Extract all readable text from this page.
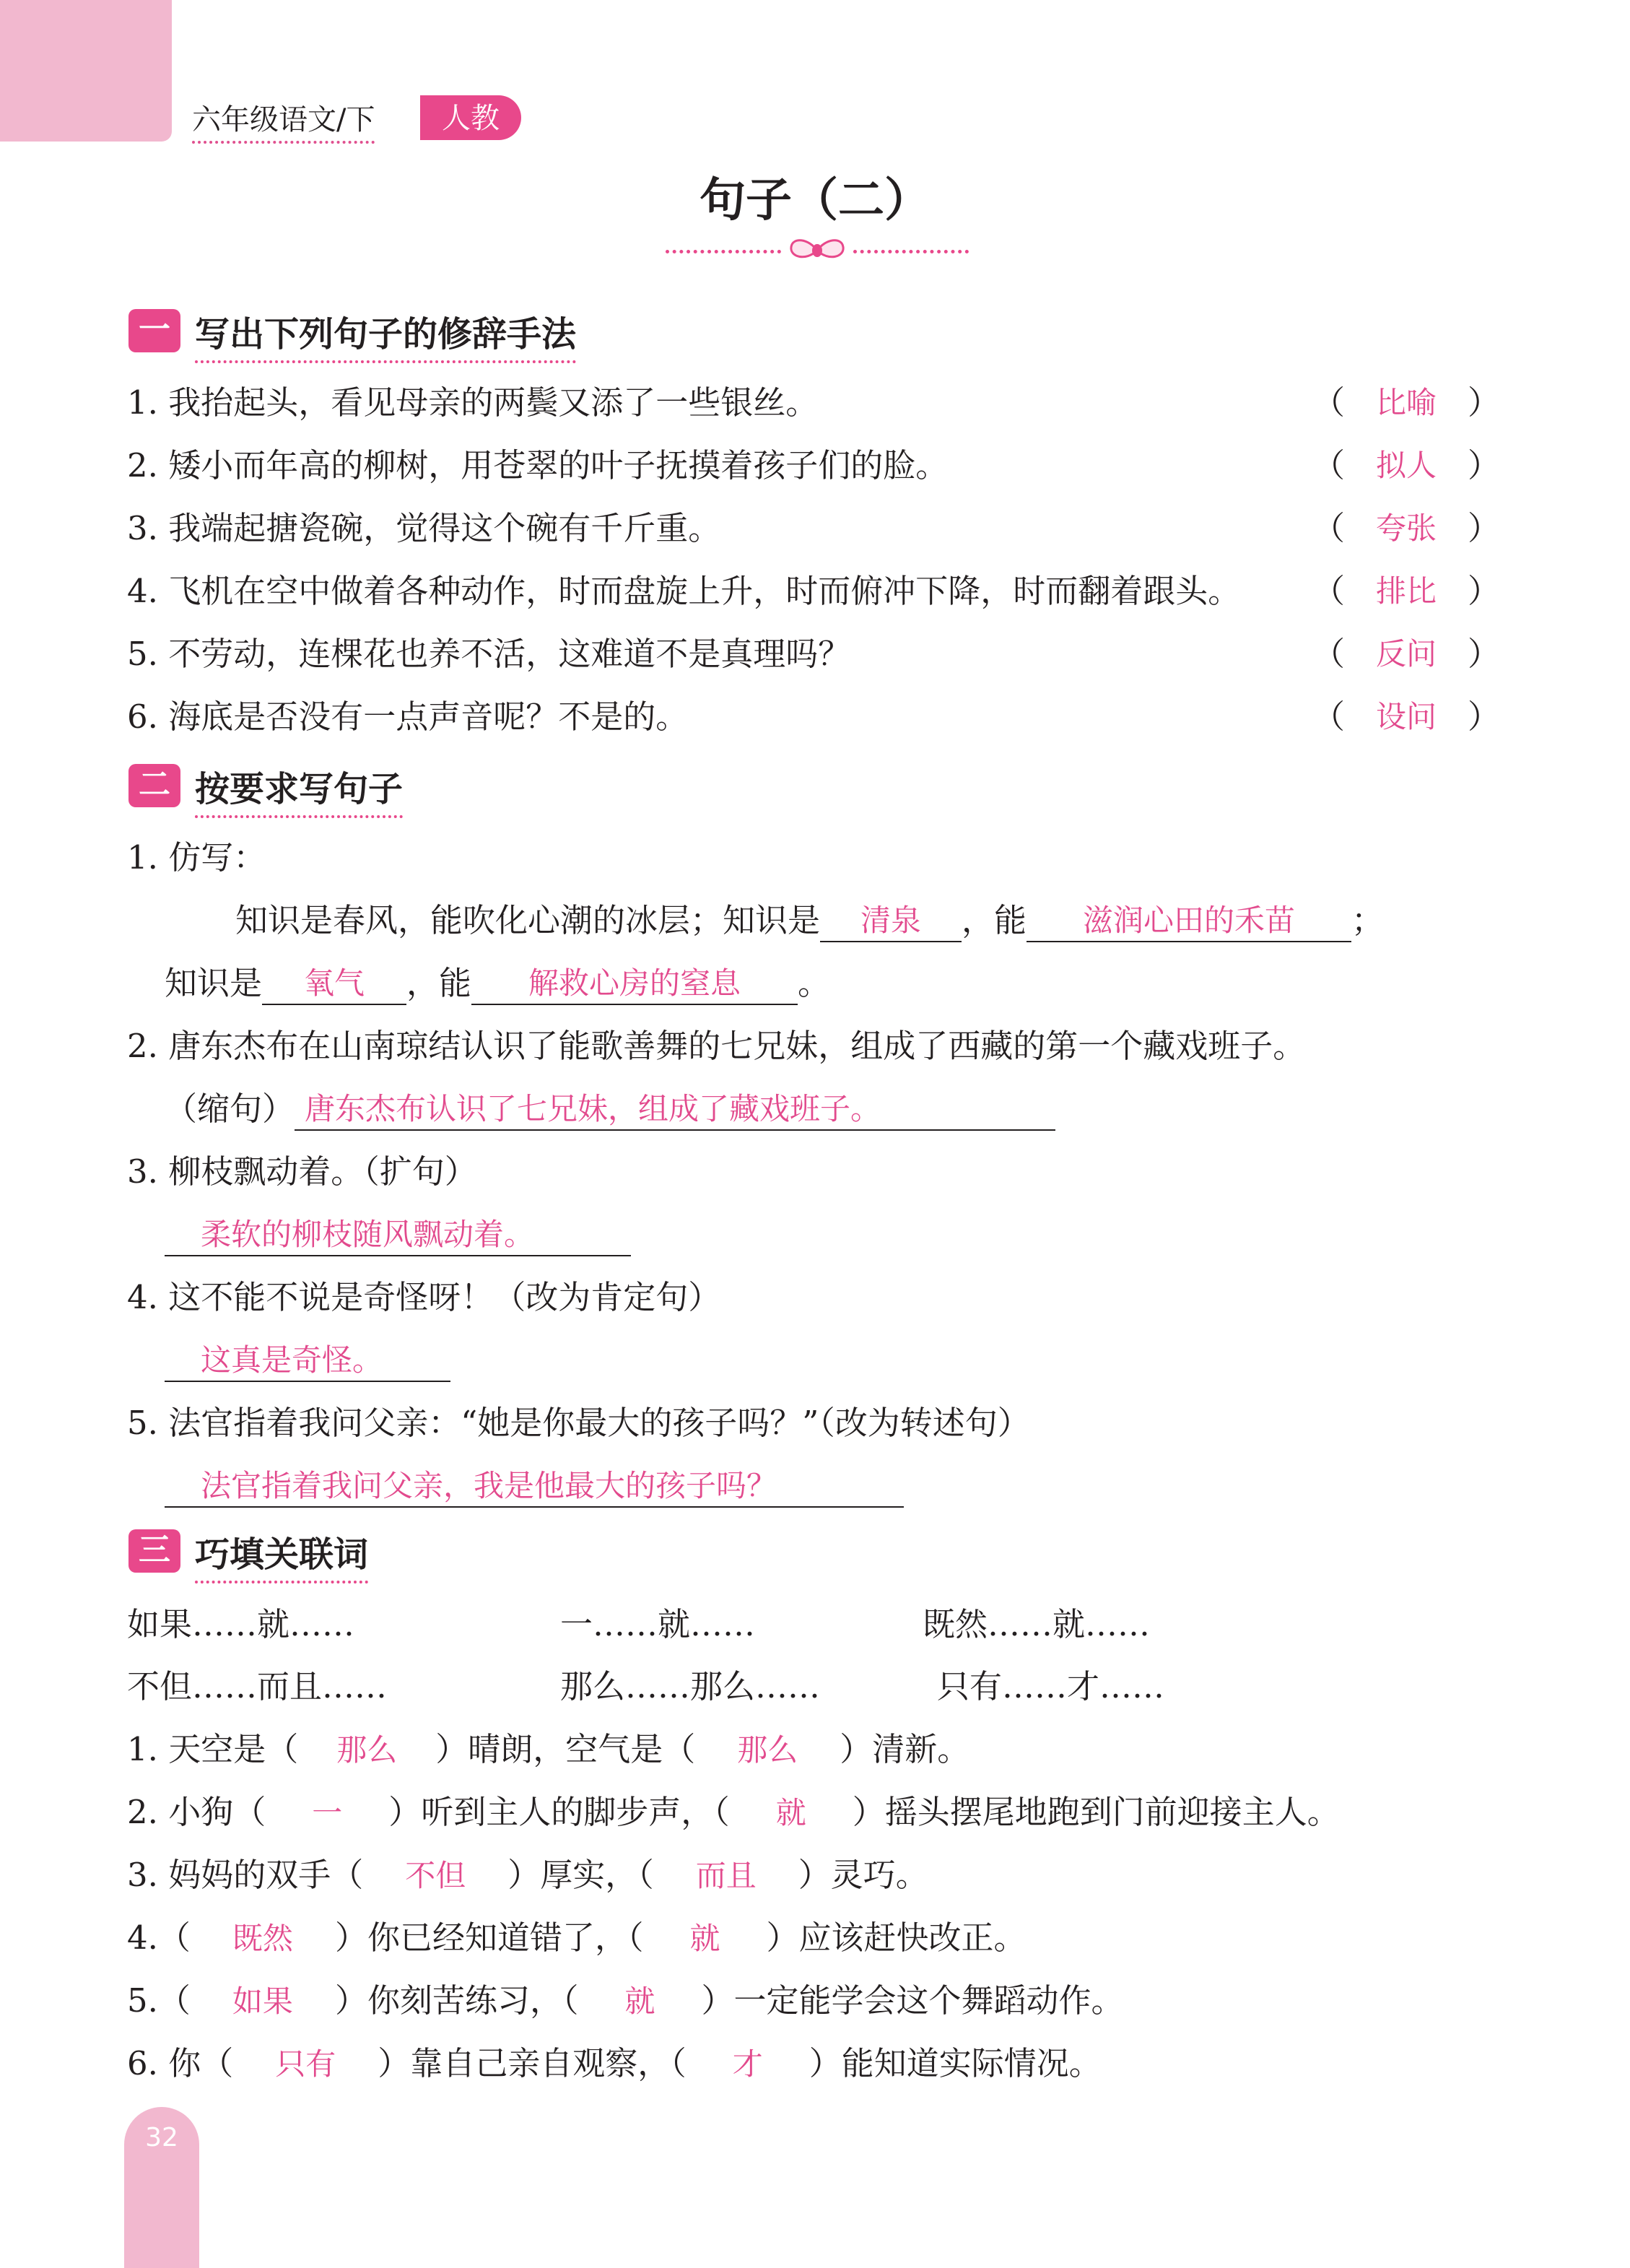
32
六年级语文/下	人教
句子（二）
一 写出下列句子的修辞手法
1. 我抬起头，看见母亲的两鬓又添了一些银丝。	（	比喻 ）
2. 矮小而年高的柳树，用苍翠的叶子抚摸着孩子们的脸。	（	拟人 ）
3. 我端起搪瓷碗，觉得这个碗有千斤重。	（	夸张 ）
4. 飞机在空中做着各种动作，时而盘旋上升，时而俯冲下降，时而翻着跟头。 （	排比 ）
5. 不劳动，连棵花也养不活，这难道不是真理吗？	（	反问 ）
6. 海底是否没有一点声音呢？不是的。	（	设问 ）
二 按要求写句子
1. 仿写：
知识是春风，能吹化心潮的冰层；知识是 清泉 ，能 滋润心田的禾苗 ；
知识是 氧气 ，能 解救心房的窒息 。
2. 唐东杰布在山南琼结认识了能歌善舞的七兄妹，组成了西藏的第一个藏戏班子。
（缩句） 唐东杰布认识了七兄妹，组成了藏戏班子。
3. 柳枝飘动着。（扩句）
柔软的柳枝随风飘动着。
4. 这不能不说是奇怪呀！（改为肯定句）
这真是奇怪。
5. 法官指着我问父亲：“她是你最大的孩子吗？”（改为转述句）
法官指着我问父亲，我是他最大的孩子吗？
三 巧填关联词
如果……就……	一……就……	既然……就……
不但……而且……	那么……那么……	只有……才……
1. 天空是（ 那么 ）晴朗，空气是（ 那么 ）清新。
2. 小狗（ 一 ）听到主人的脚步声，（ 就 ）摇头摆尾地跑到门前迎接主人。
3. 妈妈的双手（ 不但 ）厚实，（ 而且 ）灵巧。
4.（ 既然 ）你已经知道错了，（ 就 ）应该赶快改正。
5.（ 如果 ）你刻苦练习，（ 就 ）一定能学会这个舞蹈动作。
6. 你（ 只有 ）靠自己亲自观察，（ 才 ）能知道实际情况。
